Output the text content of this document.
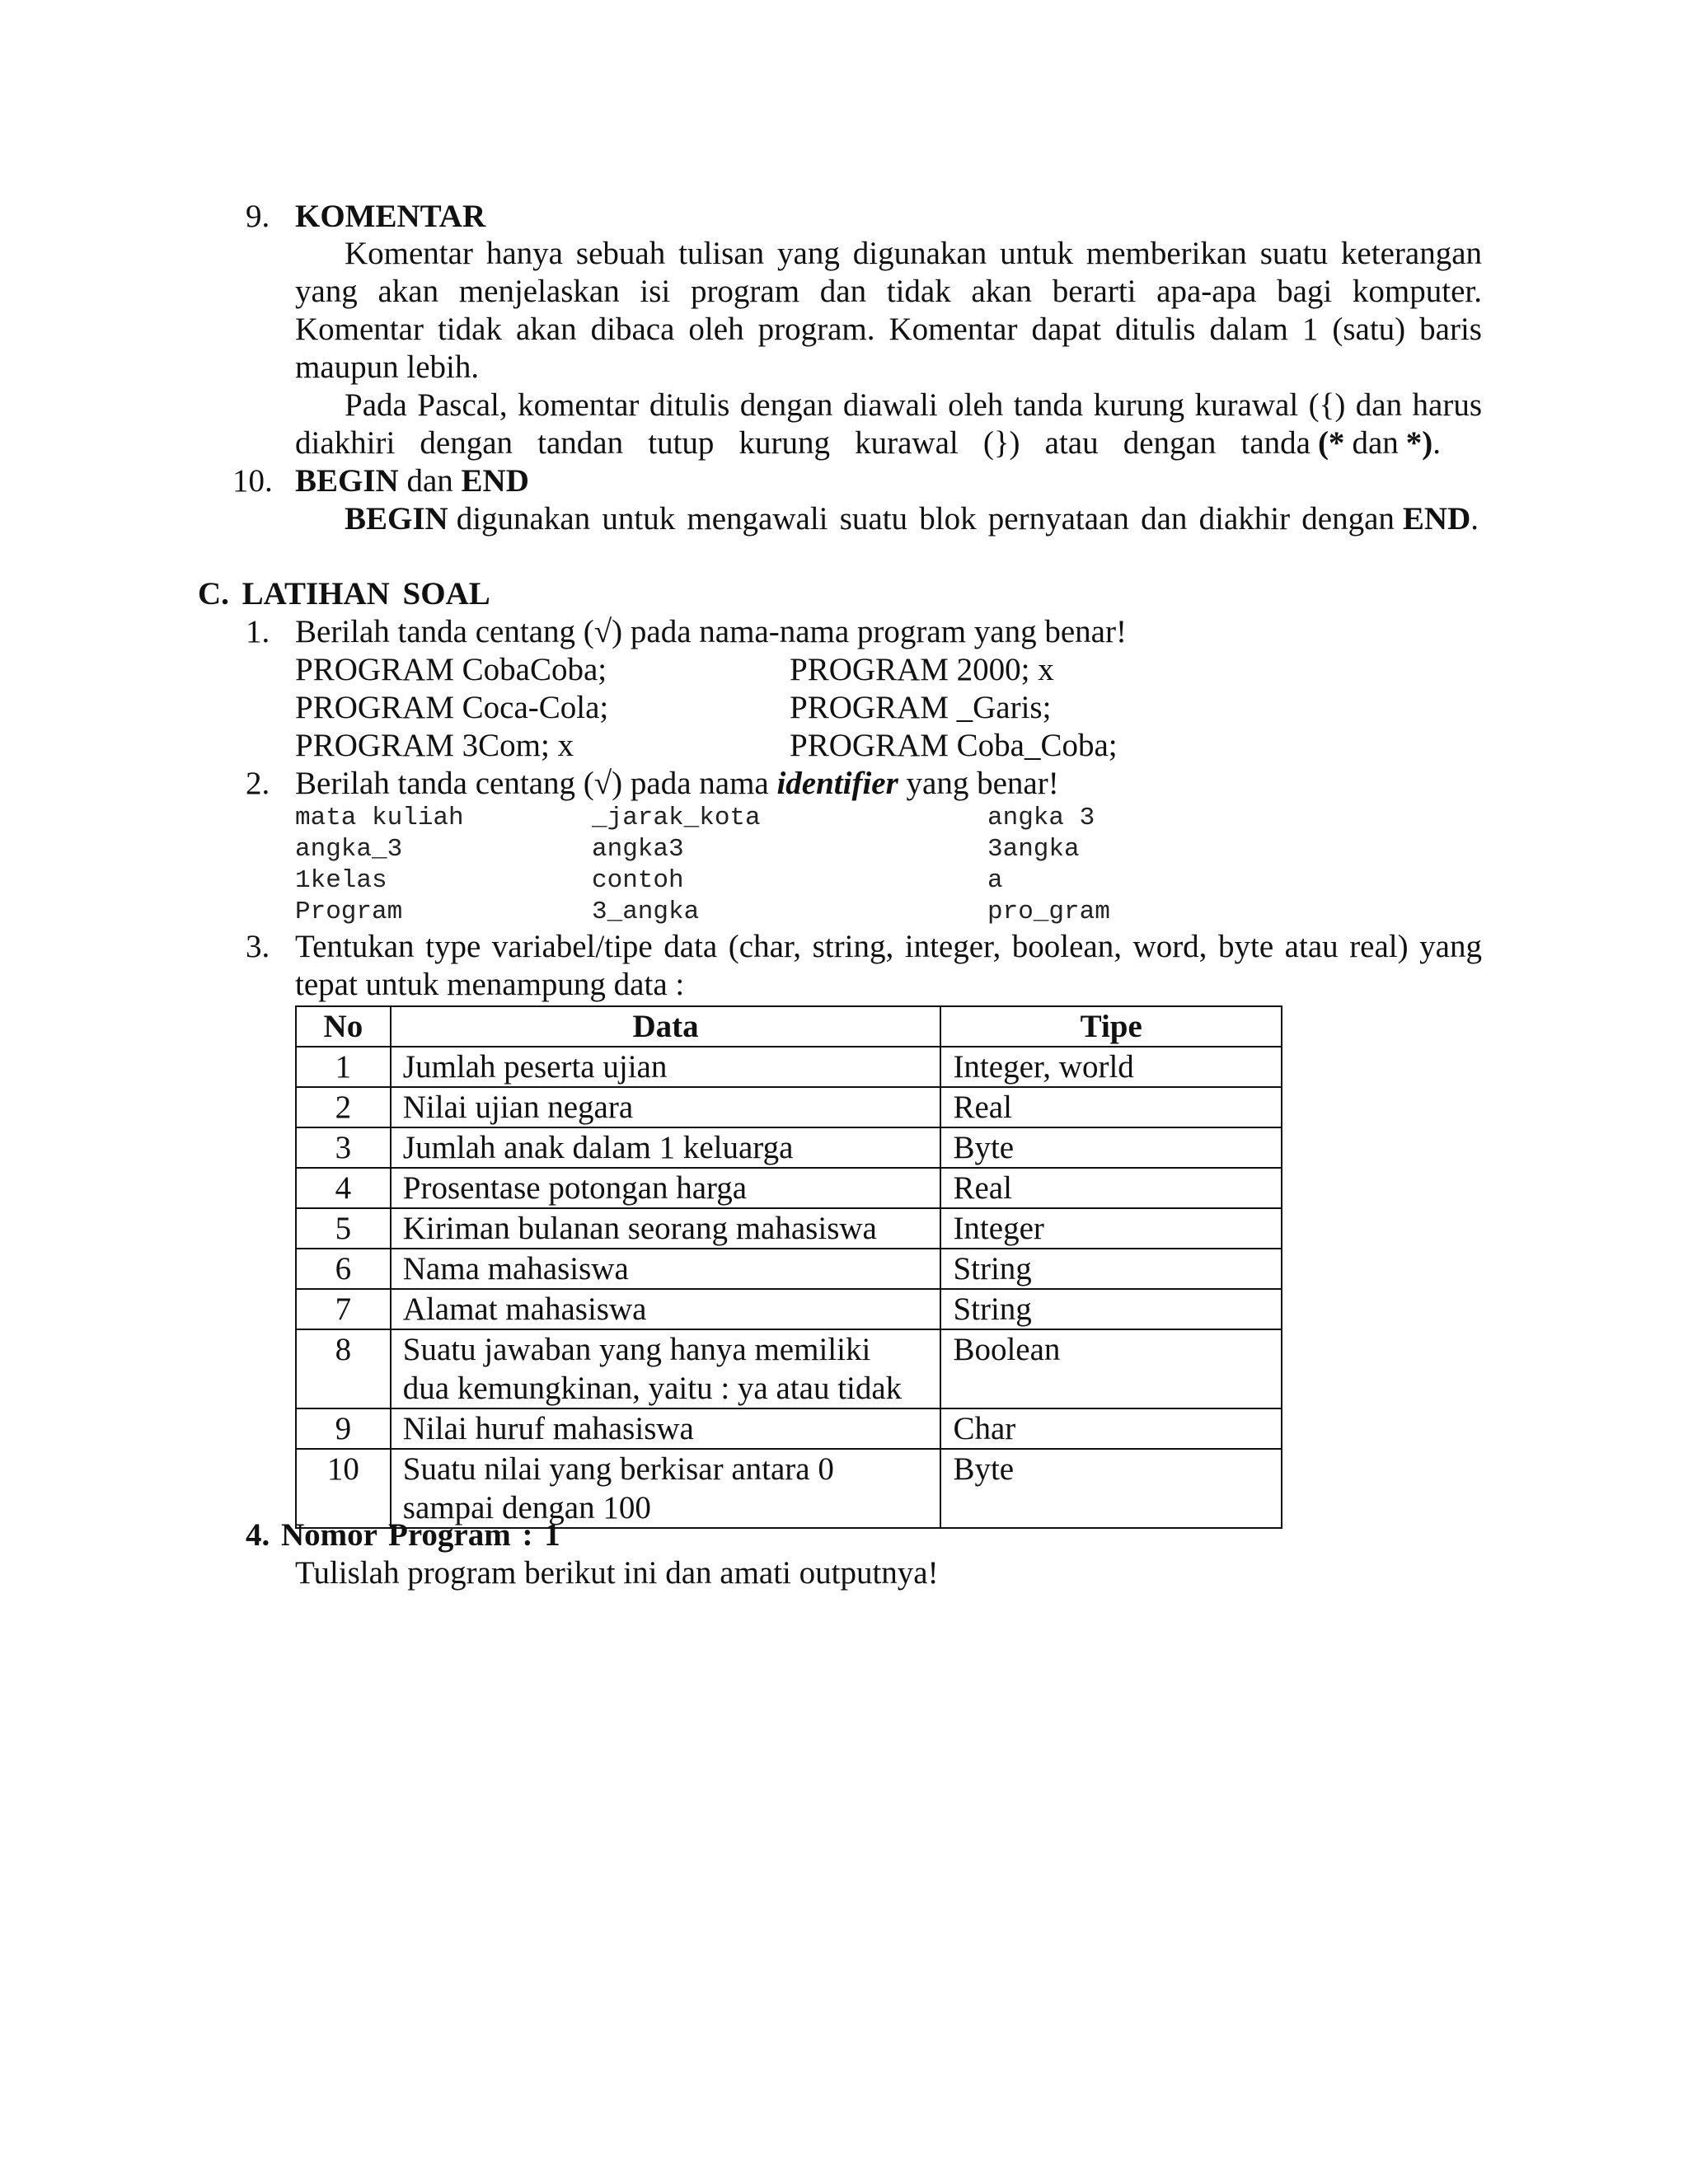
9. KOMENTAR
Komentar hanya sebuah tulisan yang digunakan untuk memberikan suatu keterangan
yang akan menjelaskan isi program dan tidak akan berarti apa-apa bagi komputer.
Komentar tidak akan dibaca oleh program. Komentar dapat ditulis dalam 1 (satu) baris
maupun lebih.
Pada Pascal, komentar ditulis dengan diawali oleh tanda kurung kurawal ({) dan harus
diakhiri dengan tandan tutup kurung kurawal (}) atau dengan tanda (* dan *).
10. BEGIN dan END
BEGIN digunakan untuk mengawali suatu blok pernyataan dan diakhir dengan END.
C. LATIHAN SOAL
1. Berilah tanda centang (√) pada nama-nama program yang benar!
PROGRAM CobaCoba;	PROGRAM 2000; x
PROGRAM Coca-Cola;	PROGRAM _Garis;
PROGRAM 3Com; x	PROGRAM Coba_Coba;
2. Berilah tanda centang (√) pada nama identifier yang benar!
mata kuliah	_jarak_kota	angka 3
angka_3	angka3	3angka
1kelas	contoh	a
Program	3_angka	pro_gram
3. Tentukan type variabel/tipe data (char, string, integer, boolean, word, byte atau real) yang
tepat untuk menampung data :
No	Data	Tipe
1	Jumlah peserta ujian	Integer, world
2	Nilai ujian negara	Real
3	Jumlah anak dalam 1 keluarga	Byte
4	Prosentase potongan harga	Real
5	Kiriman bulanan seorang mahasiswa	Integer
6	Nama mahasiswa	String
7	Alamat mahasiswa	String
8	Suatu jawaban yang hanya memiliki
dua kemungkinan, yaitu : ya atau tidak	Boolean
9	Nilai huruf mahasiswa	Char
10	Suatu nilai yang berkisar antara 0
sampai dengan 100	Byte
4. Nomor Program : 1
Tulislah program berikut ini dan amati outputnya!
